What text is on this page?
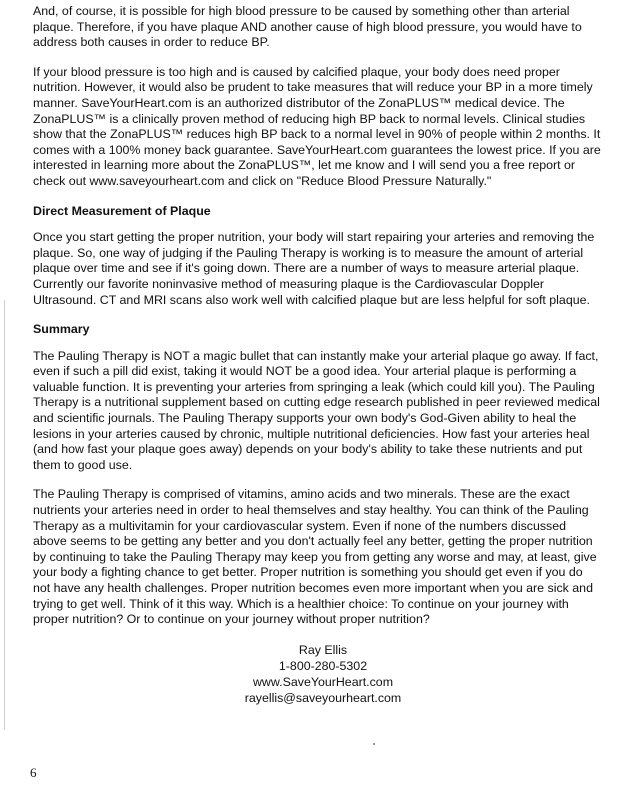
And, of course, it is possible for high blood pressure to be caused by something other than arterial plaque. Therefore, if you have plaque AND another cause of high blood pressure, you would have to address both causes in order to reduce BP.

If your blood pressure is too high and is caused by calcified plaque, your body does need proper nutrition. However, it would also be prudent to take measures that will reduce your BP in a more timely manner. SaveYourHeart.com is an authorized distributor of the ZonaPLUS™ medical device. The ZonaPLUS™ is a clinically proven method of reducing high BP back to normal levels. Clinical studies show that the ZonaPLUS™ reduces high BP back to a normal level in 90% of people within 2 months. It comes with a 100% money back guarantee. SaveYourHeart.com guarantees the lowest price. If you are interested in learning more about the ZonaPLUS™, let me know and I will send you a free report or check out www.saveyourheart.com and click on "Reduce Blood Pressure Naturally."

Direct Measurement of Plaque

Once you start getting the proper nutrition, your body will start repairing your arteries and removing the plaque. So, one way of judging if the Pauling Therapy is working is to measure the amount of arterial plaque over time and see if it's going down. There are a number of ways to measure arterial plaque. Currently our favorite noninvasive method of measuring plaque is the Cardiovascular Doppler Ultrasound. CT and MRI scans also work well with calcified plaque but are less helpful for soft plaque.

Summary

The Pauling Therapy is NOT a magic bullet that can instantly make your arterial plaque go away. If fact, even if such a pill did exist, taking it would NOT be a good idea. Your arterial plaque is performing a valuable function. It is preventing your arteries from springing a leak (which could kill you). The Pauling Therapy is a nutritional supplement based on cutting edge research published in peer reviewed medical and scientific journals. The Pauling Therapy supports your own body's God-Given ability to heal the lesions in your arteries caused by chronic, multiple nutritional deficiencies. How fast your arteries heal (and how fast your plaque goes away) depends on your body's ability to take these nutrients and put them to good use.

The Pauling Therapy is comprised of vitamins, amino acids and two minerals. These are the exact nutrients your arteries need in order to heal themselves and stay healthy. You can think of the Pauling Therapy as a multivitamin for your cardiovascular system. Even if none of the numbers discussed above seems to be getting any better and you don't actually feel any better, getting the proper nutrition by continuing to take the Pauling Therapy may keep you from getting any worse and may, at least, give your body a fighting chance to get better. Proper nutrition is something you should get even if you do not have any health challenges. Proper nutrition becomes even more important when you are sick and trying to get well. Think of it this way. Which is a healthier choice: To continue on your journey with proper nutrition? Or to continue on your journey without proper nutrition?

Ray Ellis
1-800-280-5302
www.SaveYourHeart.com
rayellis@saveyourheart.com
6
